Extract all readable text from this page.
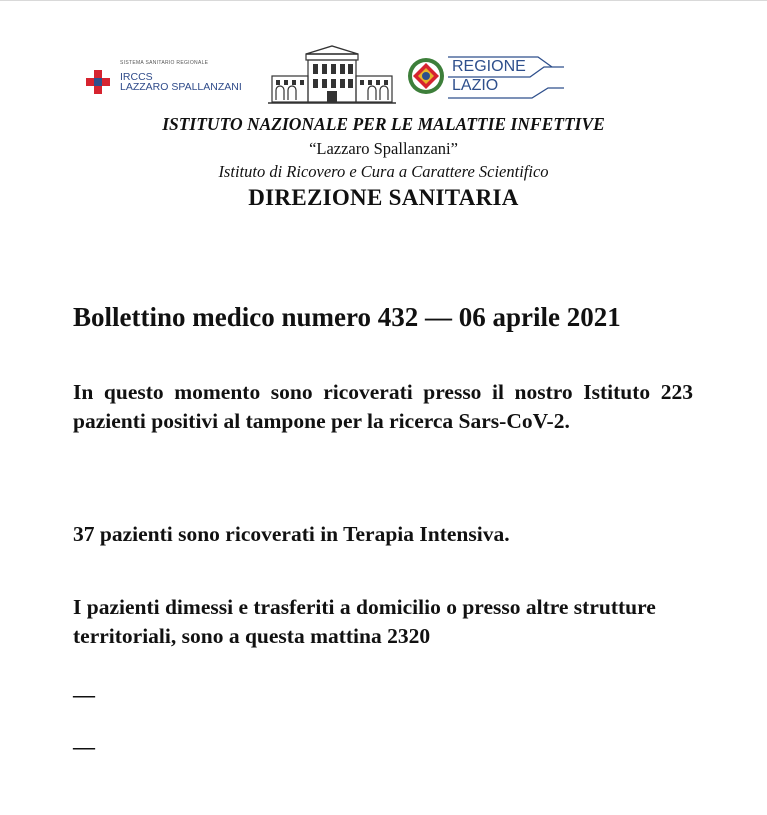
SISTEMA SANITARIO REGIONALE
IRCCS
LAZZARO SPALLANZANI
REGIONE
LAZIO
ISTITUTO NAZIONALE PER LE MALATTIE INFETTIVE
“Lazzaro Spallanzani”
Istituto di Ricovero e Cura a Carattere Scientifico
DIREZIONE SANITARIA
Bollettino medico numero 432 — 06 aprile 2021
In questo momento sono ricoverati presso il nostro Istituto 223 pazienti positivi al tampone per la ricerca Sars-CoV-2.
37 pazienti sono ricoverati in Terapia Intensiva.
I pazienti dimessi e trasferiti a domicilio o presso altre strutture territoriali, sono a questa mattina 2320
—
—
